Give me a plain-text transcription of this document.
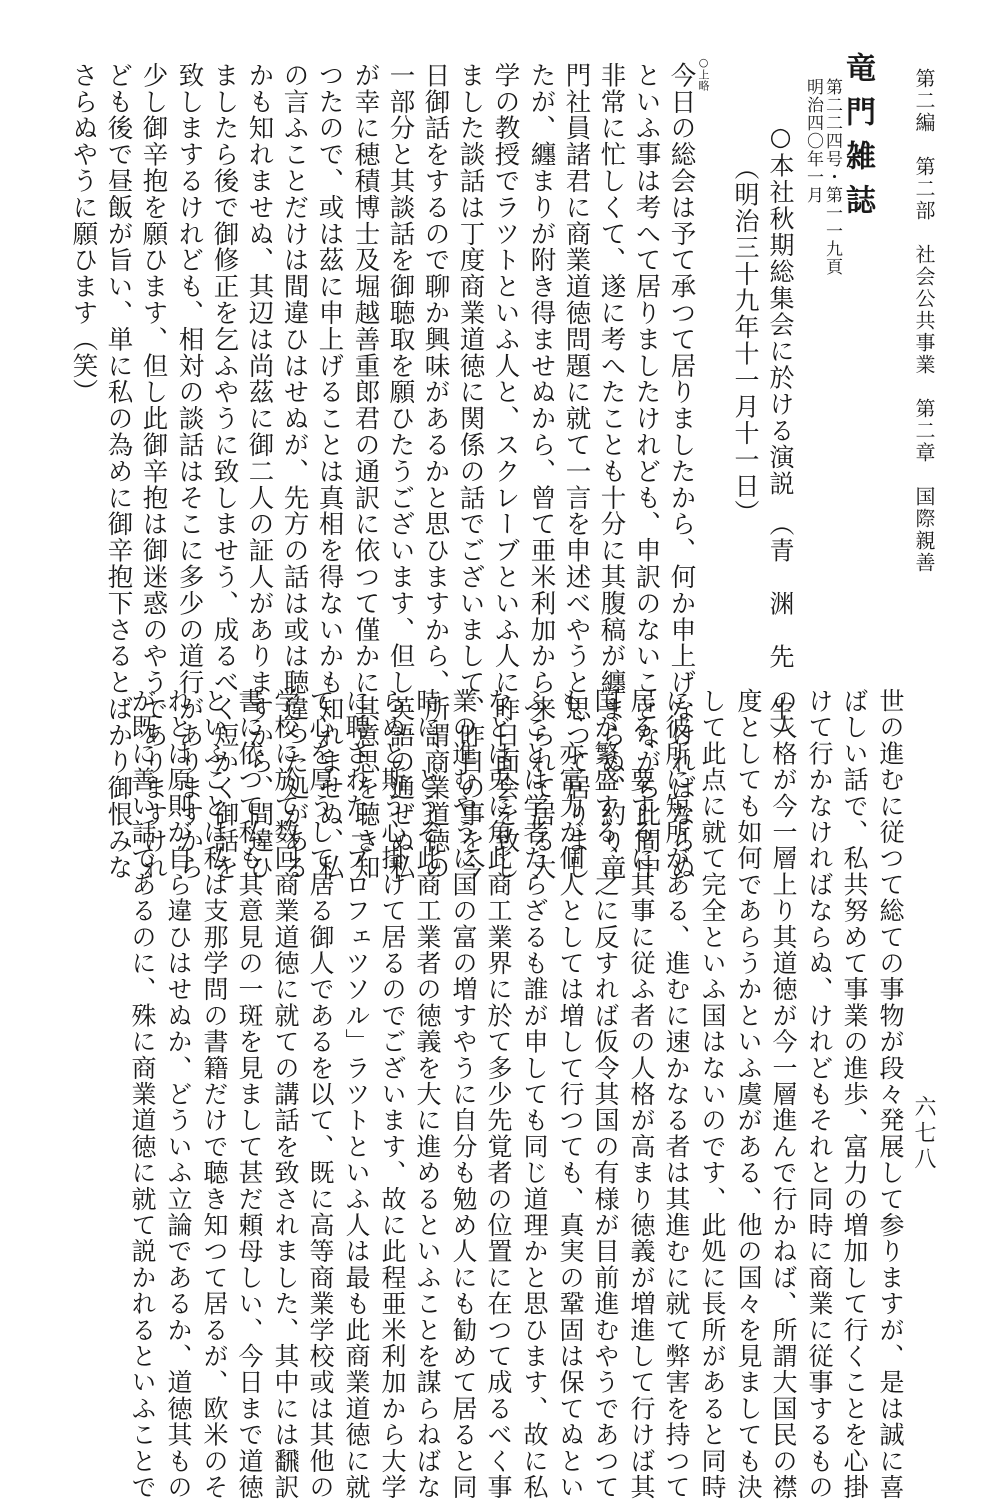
第二編　第二部　社会公共事業　第二章　国際親善
六七八
竜門雑誌
第二二四号・第一一九頁
明治四〇年一月
○本社秋期総集会に於ける演説　（青　渊　先　生）
（明治三十九年十一月十一日）
○上略
今日の総会は予て承つて居りましたから、何か申上げなければならぬ
といふ事は考へて居りましたけれども、申訳のないことながら此間中
非常に忙しくて、遂に考へたことも十分に其腹稿が纏まらぬ、約り竜
門社員諸君に商業道徳問題に就て一言を申述べやうと思つて居りまし
たが、纏まりが附き得ませぬから、曾て亜米利加から来られて居る大
学の教授でラツトといふ人と、スクレーブといふ人に昨日面会を致し
ました談話は丁度商業道徳に関係の話でございまして、昨日の事を今
日御話をするので聊か興味があるかと思ひますから、所謂商業道徳の
一部分と其談話を御聴取を願ひたうございます、但し英語の通ぜぬ私
が幸に穂積博士及堀越善重郎君の通訳に依つて僅かに其意思を聴き知
つたので、或は茲に申上げることは真相を得ないかも知れませぬ、私
の言ふことだけは間違ひはせぬが、先方の話は或は聴違つた処がある
かも知れませぬ、其辺は尚茲に御二人の証人がありますから、間違ひ
ましたら後で御修正を乞ふやうに致しませう、成るべく短かく御話を
致しまするけれども、相対の談話はそこに多少の道行がありますから
少し御辛抱を願ひます、但し此御辛抱は御迷惑のやうでありますけれ
ども後で昼飯が旨い、単に私の為めに御辛抱下さるとばかり御恨みな
さらぬやうに願ひます（笑）
世の進むに従つて総ての事物が段々発展して参りますが、是は誠に喜
ばしい話で、私共努めて事業の進歩、富力の増加して行くことを心掛
けて行かなければならぬ、けれどもそれと同時に商業に従事するもの
の人格が今一層上り其道徳が今一層進んで行かねば、所謂大国民の襟
度としても如何であらうかといふ虞がある、他の国々を見ましても決
して此点に就て完全といふ国はないのです、此処に長所があると同時
に彼所に短所がある、進むに速かなる者は其進むに就て弊害を持つて
居る、要するに其事に従ふ者の人格が高まり徳義が増進して行けば其
国が繁盛する、之に反すれば仮令其国の有様が目前進むやうであつて
も、亦富力が個人としては増して行つても、真実の鞏固は保てぬとい
ふことは学者たらざるも誰が申しても同じ道理かと思ひます、故に私
などは兎に角此商工業界に於て多少先覚者の位置に在つて成るべく事
業の進むやうに国の富の増すやうに自分も勉め人にも勧めて居ると同
時に、どうぞ此商工業者の徳義を大に進めるといふことを謀らねばな
らぬと斯う心掛けて居るのでございます、故に此程亜米利加から大学
に聘された「プロフェツソル」ラツトといふ人は最も此商業道徳に就
て心を厚うして居る御人であるを以て、既に高等商業学校或は其他の
学校に於て数回商業道徳に就ての講話を致されました、其中には飜訳
書に依つて私も其意見の一斑を見まして甚だ頼母しい、今日まで道徳
といふことは私は支那学問の書籍だけで聴き知つて居るが、欧米のそ
れとは原則が自ら違ひはせぬか、どういふ立論であるか、道徳其もの
が既に善い話であるのに、殊に商業道徳に就て説かれるといふことで
